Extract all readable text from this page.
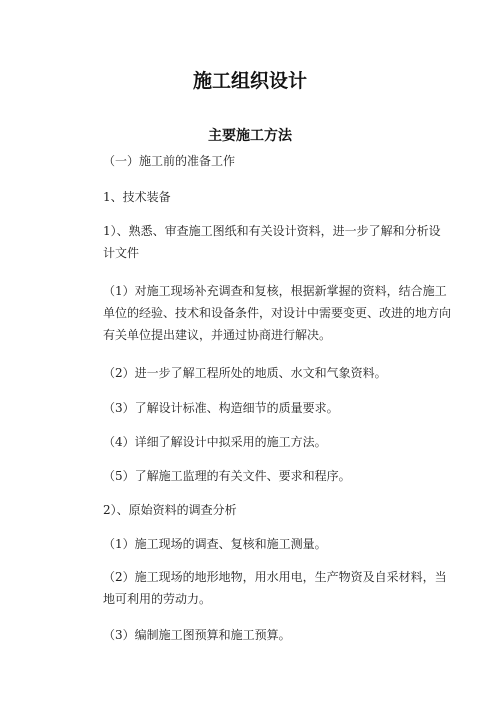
施工组织设计
主要施工方法
（一）施工前的准备工作
1、技术装备
1）、熟悉、审查施工图纸和有关设计资料，进一步了解和分析设计文件
（1）对施工现场补充调查和复核，根据新掌握的资料，结合施工单位的经验、技术和设备条件，对设计中需要变更、改进的地方向有关单位提出建议，并通过协商进行解决。
（2）进一步了解工程所处的地质、水文和气象资料。
（3）了解设计标准、构造细节的质量要求。
（4）详细了解设计中拟采用的施工方法。
（5）了解施工监理的有关文件、要求和程序。
2）、原始资料的调查分析
（1）施工现场的调查、复核和施工测量。
（2）施工现场的地形地物，用水用电，生产物资及自采材料，当地可利用的劳动力。
（3）编制施工图预算和施工预算。
